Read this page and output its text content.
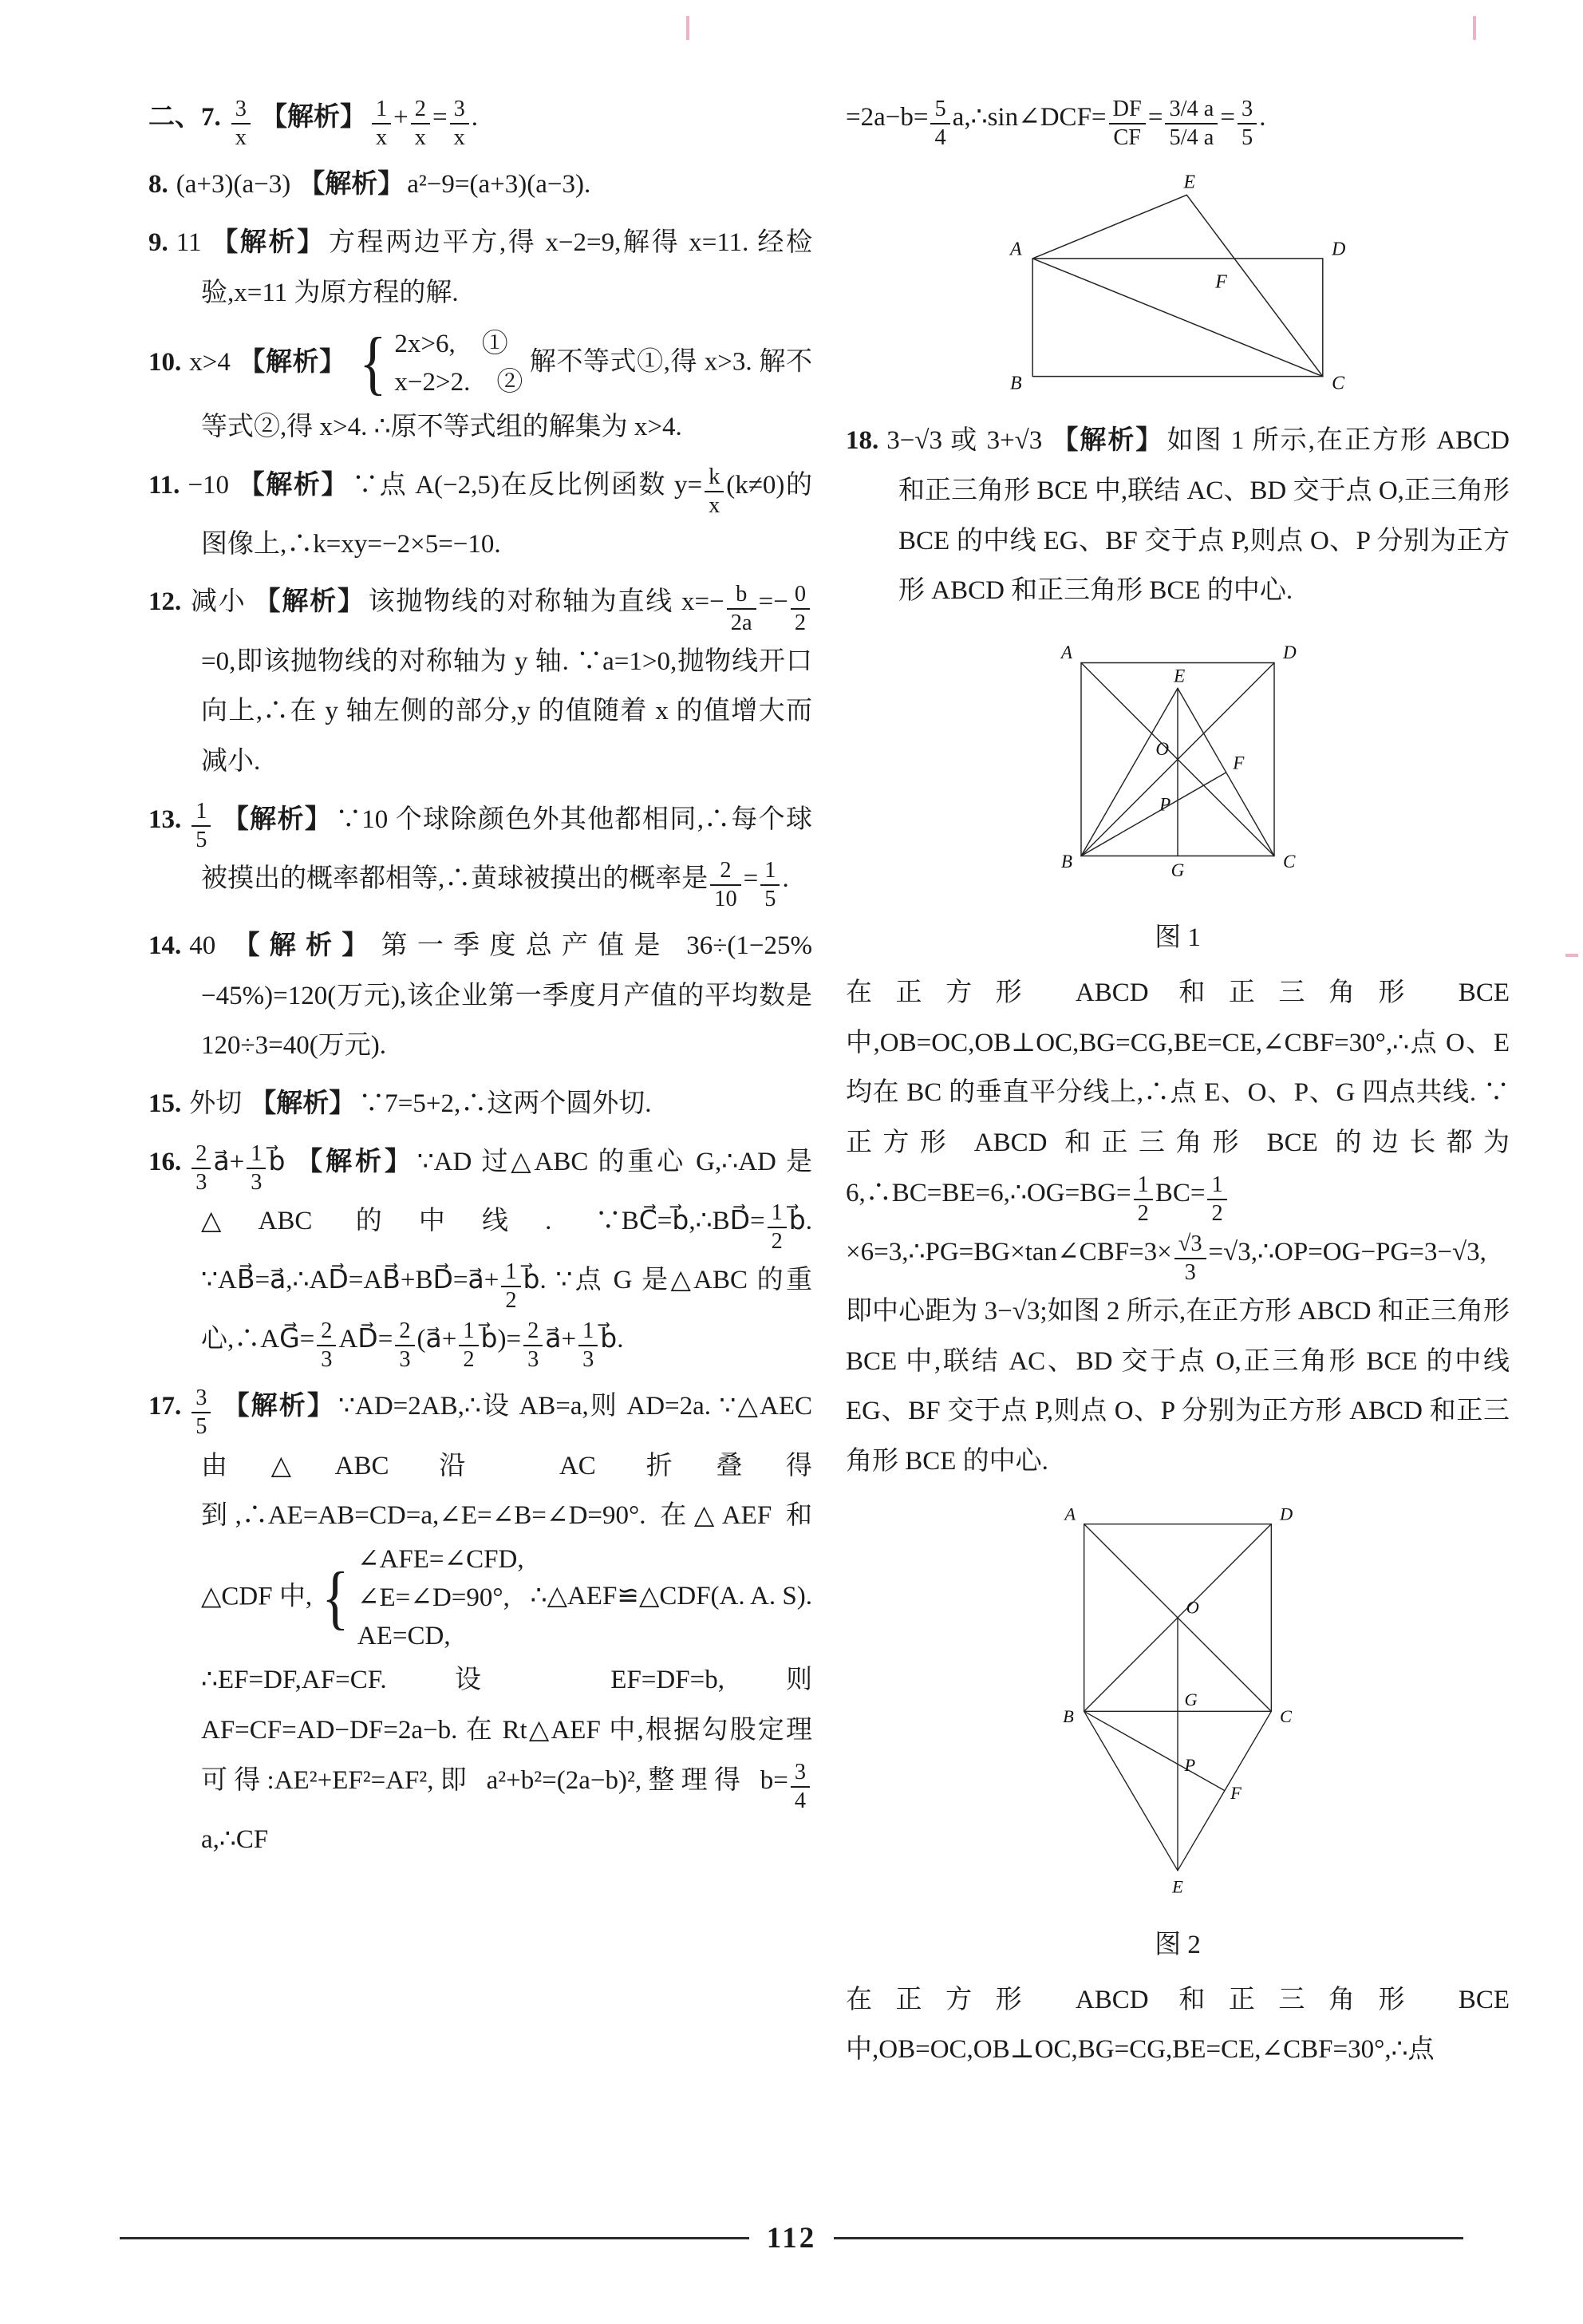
二、7. $\frac{3}{x}$ 【解析】 $\frac{1}{x} + \frac{2}{x} = \frac{3}{x}$ .

8. (a+3)(a−3) 【解析】 a²−9=(a+3)(a−3).

9. 11 【解析】 方程两边平方,得 x−2=9,解得 x=11. 经检验,x=11 为原方程的解.

10. x>4 【解析】 { 2x>6,　①
x−2>2.　②
解不等式①,得 x>3. 解不等式②,得 x>4. ∴原不等式组的解集为 x>4.

11. −10 【解析】 ∵点 A(−2,5)在反比例函数 $y= \frac{k}{x} (k\ne 0)$的图像上,∴k=xy=−2×5=−10.

12. 减小 【解析】 该抛物线的对称轴为直线 $x=- \frac{b}{2a} =- \frac{0}{2}$
=0,即该抛物线的对称轴为 y 轴. ∵a=1>0,抛物线开口向上,∴在 y 轴左侧的部分,y 的值随着 x 的值增大而减小.

13. $\frac{1}{5}$ 【解析】 ∵10 个球除颜色外其他都相同,∴每个球被摸出的概率都相等,∴黄球被摸出的概率是 $\frac{2}{10} = \frac{1}{5}$ .

14. 40 【解析】 第一季度总产值是 36÷(1−25%−45%)=120(万元),该企业第一季度月产值的平均数是 120÷3=40(万元).

15. 外切 【解析】 ∵7=5+2,∴这两个圆外切.

16. $\frac{2}{3}$ a⃗+ $\frac{1}{3}$ b⃗ 【解析】 ∵AD 过△ABC 的重心 G,∴AD 是△ABC 的中线. ∵BC⃗=b⃗,∴BD⃗= $\frac{1}{2}$ b⃗. ∵AB⃗=a⃗,∴AD⃗=AB⃗+BD⃗=a⃗+ $\frac{1}{2}$ b⃗. ∵点 G 是△ABC 的重心,∴AG⃗= $\frac{2}{3}$ AD⃗= $\frac{2}{3}$ (a⃗+ $\frac{1}{2}$ b⃗)= $\frac{2}{3}$ a⃗+ $\frac{1}{3}$ b⃗.

17. $\frac{3}{5}$ 【解析】 ∵AD=2AB,∴设 AB=a,则 AD=2a. ∵△AEC 由△ABC 沿 AC 折叠得到,∴AE=AB=CD=a,∠E=∠B=∠D=90°. 在△AEF 和△CDF 中, { ∠AFE=∠CFD,
∠E=∠D=90°,
AE=CD,
∴△AEF≌△CDF(A. A. S). ∴EF=DF,AF=CF. 设 EF=DF=b,则 AF=CF=AD−DF=2a−b. 在 Rt△AEF 中,根据勾股定理可得:AE²+EF²=AF²,即 a²+b²=(2a−b)²,整理得 $b= \frac{3}{4}$
a,∴CF

$=2a-b= \frac{5}{4}$ a,∴sin∠DCF= $\frac{DF}{CF} = \frac{3/4 a}{5/4 a} = \frac{3}{5}$ .

A	D
E
F
B	C

18. 3−√3 或 3+√3 【解析】 如图 1 所示,在正方形 ABCD 和正三角形 BCE 中,联结 AC、BD 交于点 O,正三角形 BCE 的中线 EG、BF 交于点 P,则点 O、P 分别为正方形 ABCD 和正三角形 BCE 的中心.

A	D
E
O
F
P
B	G	C

图 1

在正方形 ABCD 和正三角形 BCE 中,OB=OC,OB⊥OC,BG=CG,BE=CE,∠CBF=30°,∴点 O、E 均在 BC 的垂直平分线上,∴点 E、O、P、G 四点共线. ∵正方形 ABCD 和正三角形 BCE 的边长都为 6,∴BC=BE=6,∴OG=BG= $\frac{1}{2} BC= \frac{1}{2}$
×6=3,∴PG=BG×tan∠CBF=3× $\frac{√3}{3}$ =√3,∴OP=OG−PG=3−√3,即中心距为 3−√3;如图 2 所示,在正方形 ABCD 和正三角形 BCE 中,联结 AC、BD 交于点 O,正三角形 BCE 的中线 EG、BF 交于点 P,则点 O、P 分别为正方形 ABCD 和正三角形 BCE 的中心.

A	D
O
B
G
C
P
F
E

图 2

在正方形 ABCD 和正三角形 BCE 中,OB=OC,OB⊥OC,BG=CG,BE=CE,∠CBF=30°,∴点

112
